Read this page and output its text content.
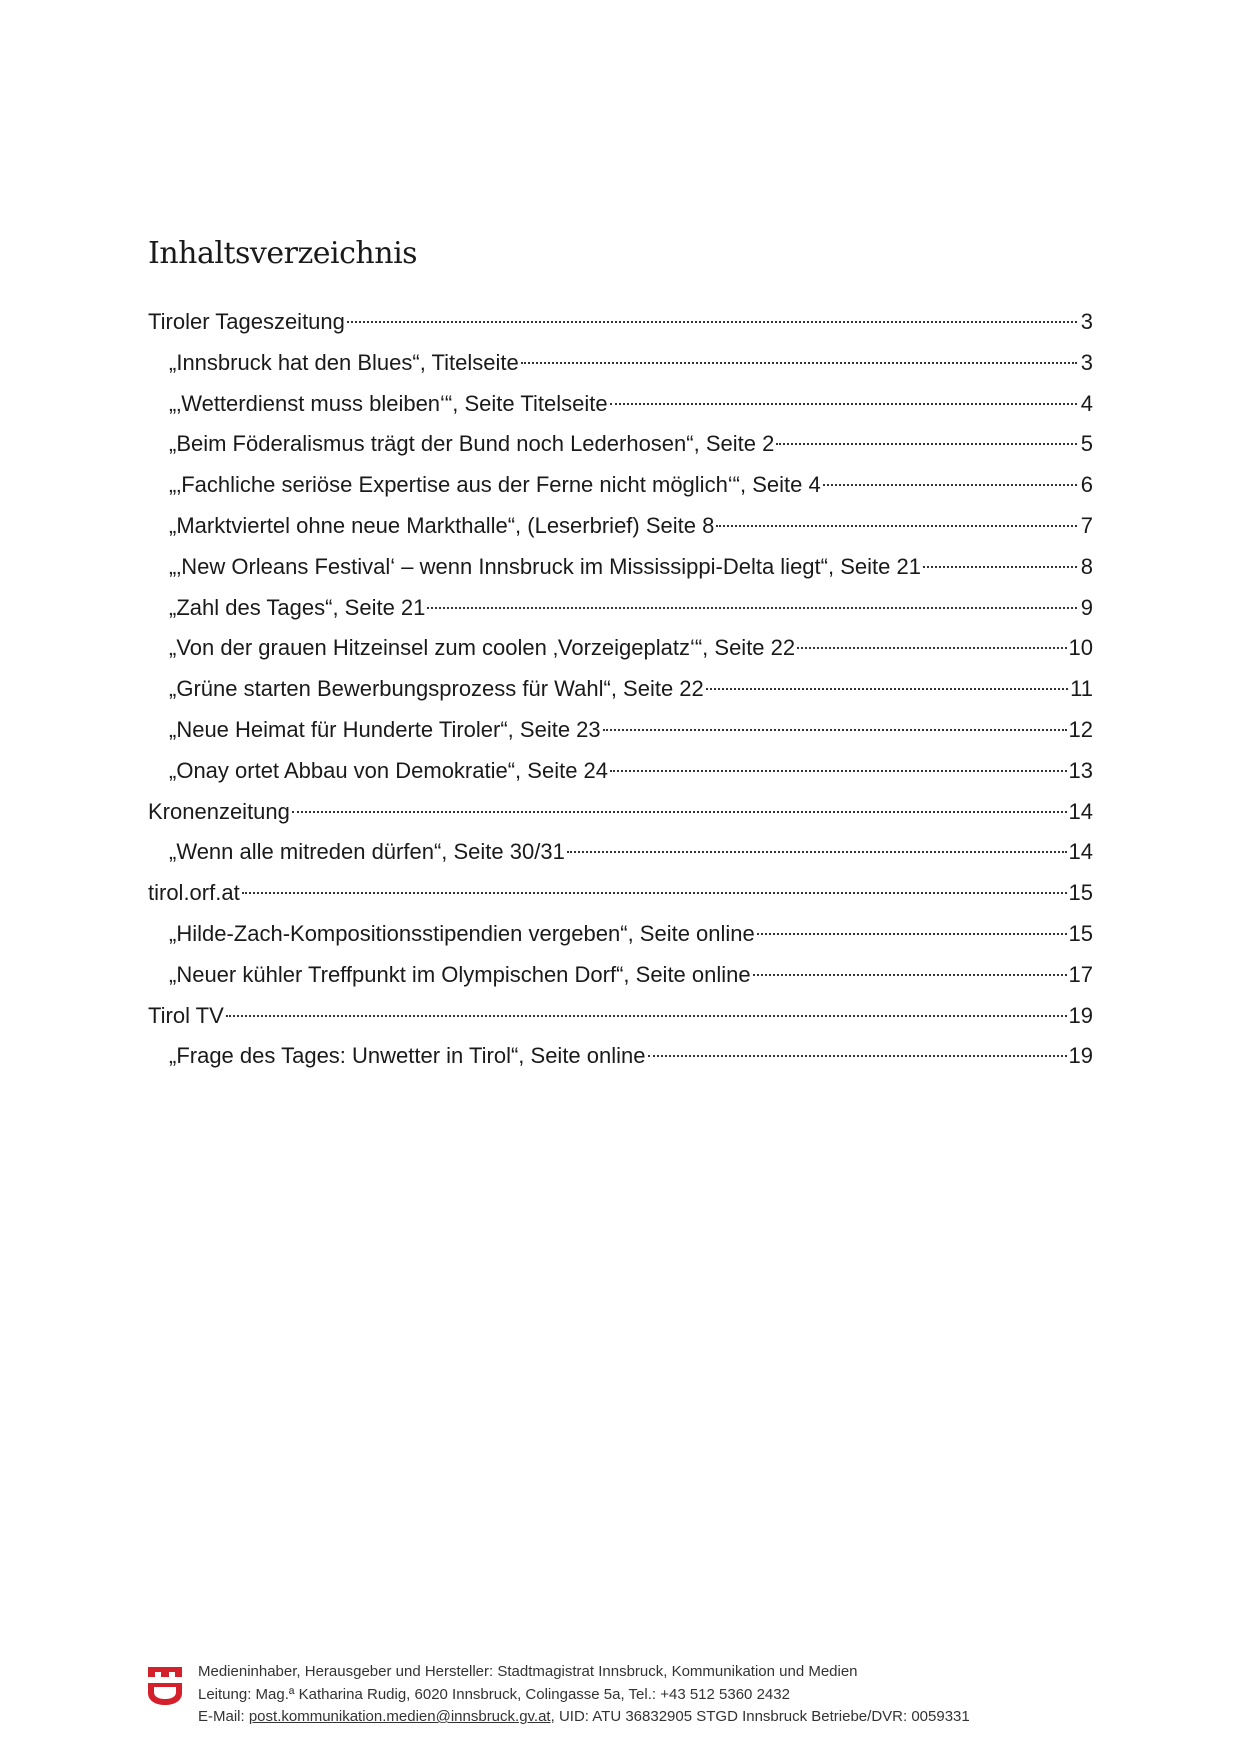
Inhaltsverzeichnis
Tiroler Tageszeitung	3
„Innsbruck hat den Blues“, Titelseite	3
„‚Wetterdienst muss bleiben‘“, Seite Titelseite	4
„Beim Föderalismus trägt der Bund noch Lederhosen“, Seite 2	5
„‚Fachliche seriöse Expertise aus der Ferne nicht möglich‘“, Seite 4	6
„Marktviertel ohne neue Markthalle“, (Leserbrief) Seite 8	7
„‚New Orleans Festival‘ – wenn Innsbruck im Mississippi-Delta liegt“, Seite 21	8
„Zahl des Tages“, Seite 21	9
„Von der grauen Hitzeinsel zum coolen ‚Vorzeigeplatz‘“, Seite 22	10
„Grüne starten Bewerbungsprozess für Wahl“, Seite 22	11
„Neue Heimat für Hunderte Tiroler“, Seite 23	12
„Onay ortet Abbau von Demokratie“, Seite 24	13
Kronenzeitung	14
„Wenn alle mitreden dürfen“, Seite 30/31	14
tirol.orf.at	15
„Hilde-Zach-Kompositionsstipendien vergeben“, Seite online	15
„Neuer kühler Treffpunkt im Olympischen Dorf“, Seite online	17
Tirol TV	19
„Frage des Tages: Unwetter in Tirol“, Seite online	19
Medieninhaber, Herausgeber und Hersteller: Stadtmagistrat Innsbruck, Kommunikation und Medien
Leitung: Mag.ª Katharina Rudig, 6020 Innsbruck, Colingasse 5a, Tel.: +43 512 5360 2432
E-Mail: post.kommunikation.medien@innsbruck.gv.at, UID: ATU 36832905 STGD Innsbruck Betriebe/DVR: 0059331
